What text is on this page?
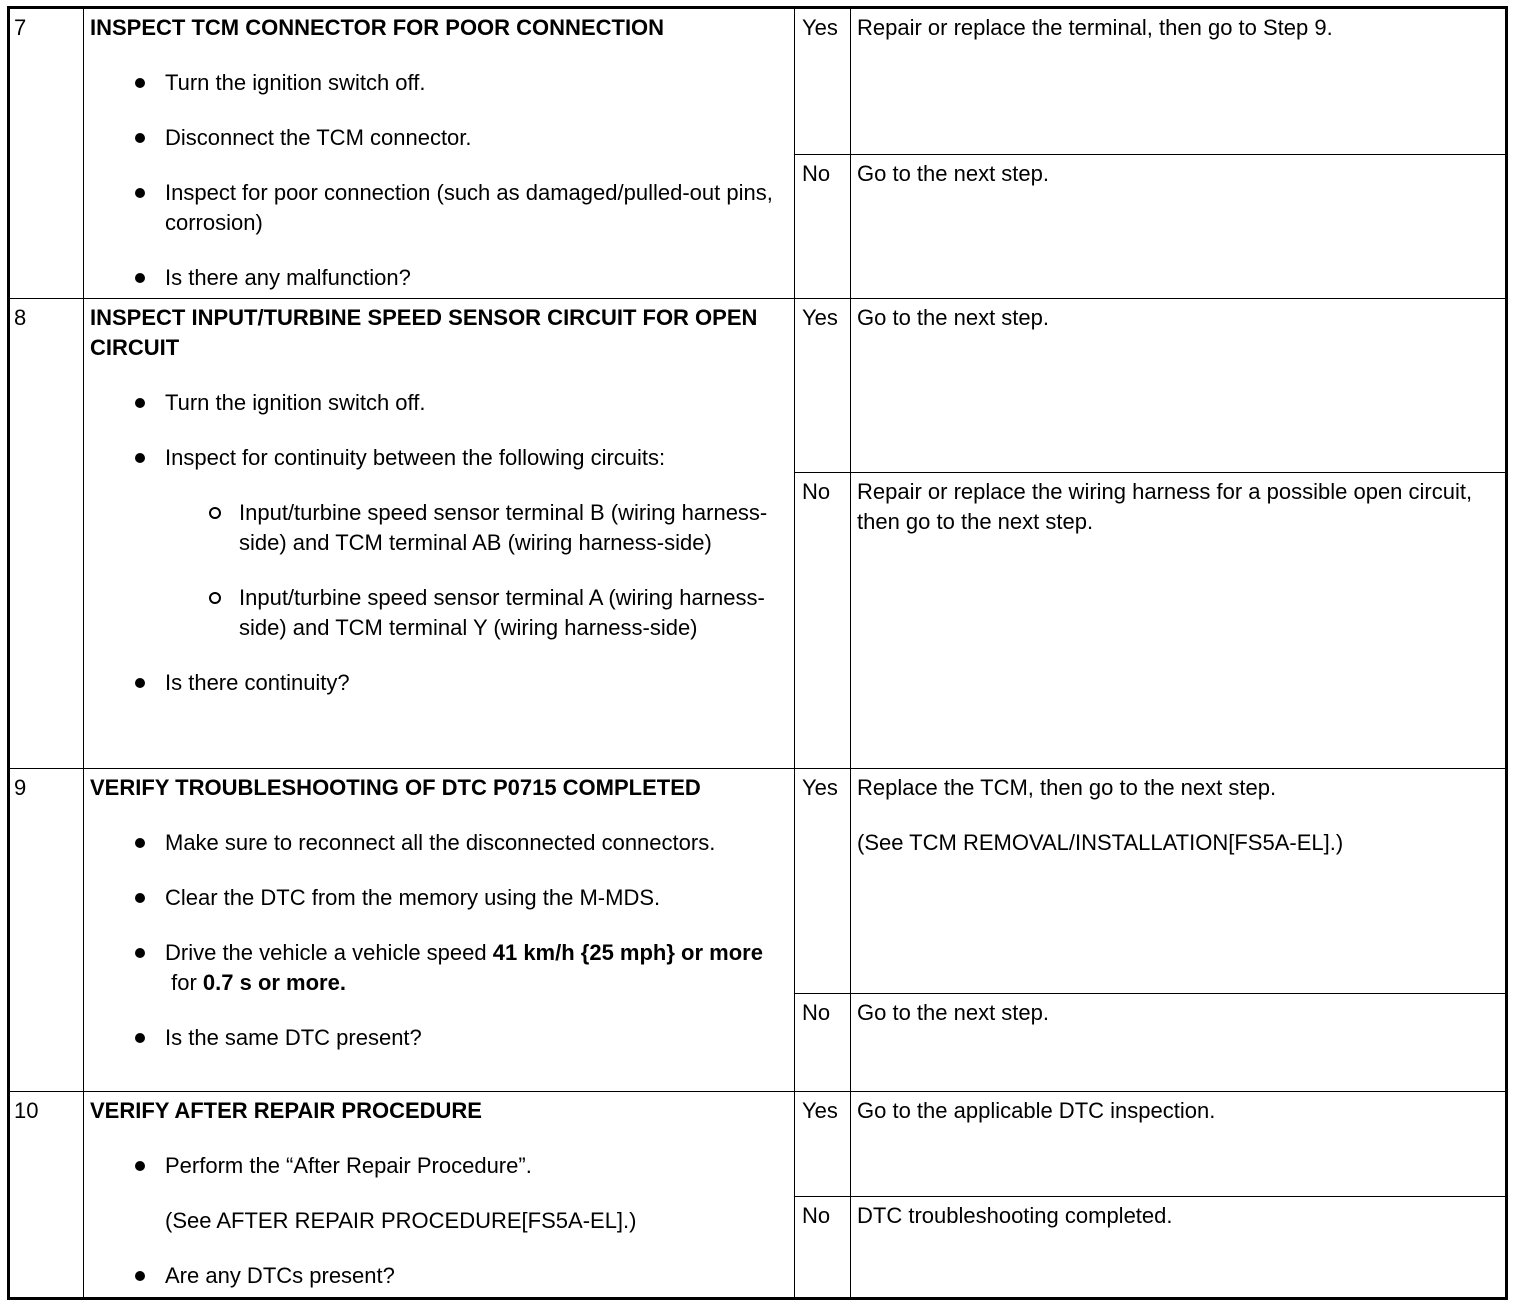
7	INSPECT TCM CONNECTOR FOR POOR CONNECTION
Turn the ignition switch off.
Disconnect the TCM connector.
Inspect for poor connection (such as damaged/pulled-out pins, corrosion)
Is there any malfunction?
Yes Repair or replace the terminal, then go to Step 9.
No	Go to the next step.
8	INSPECT INPUT/TURBINE SPEED SENSOR CIRCUIT FOR OPEN CIRCUIT
Turn the ignition switch off.
Inspect for continuity between the following circuits:
Input/turbine speed sensor terminal B (wiring harness-side) and TCM terminal AB (wiring harness-side)
Input/turbine speed sensor terminal A (wiring harness-side) and TCM terminal Y (wiring harness-side)
Is there continuity?
Yes Go to the next step.
No	Repair or replace the wiring harness for a possible open circuit, then go to the next step.
9	VERIFY TROUBLESHOOTING OF DTC P0715 COMPLETED
Make sure to reconnect all the disconnected connectors.
Clear the DTC from the memory using the M-MDS.
Drive the vehicle a vehicle speed 41 km/h {25 mph} or more for 0.7 s or more.
Is the same DTC present?
Yes Replace the TCM, then go to the next step.
(See TCM REMOVAL/INSTALLATION[FS5A-EL].)
No	Go to the next step.
10	VERIFY AFTER REPAIR PROCEDURE
Perform the “After Repair Procedure”.
(See AFTER REPAIR PROCEDURE[FS5A-EL].)
Are any DTCs present?
Yes Go to the applicable DTC inspection.
No	DTC troubleshooting completed.
